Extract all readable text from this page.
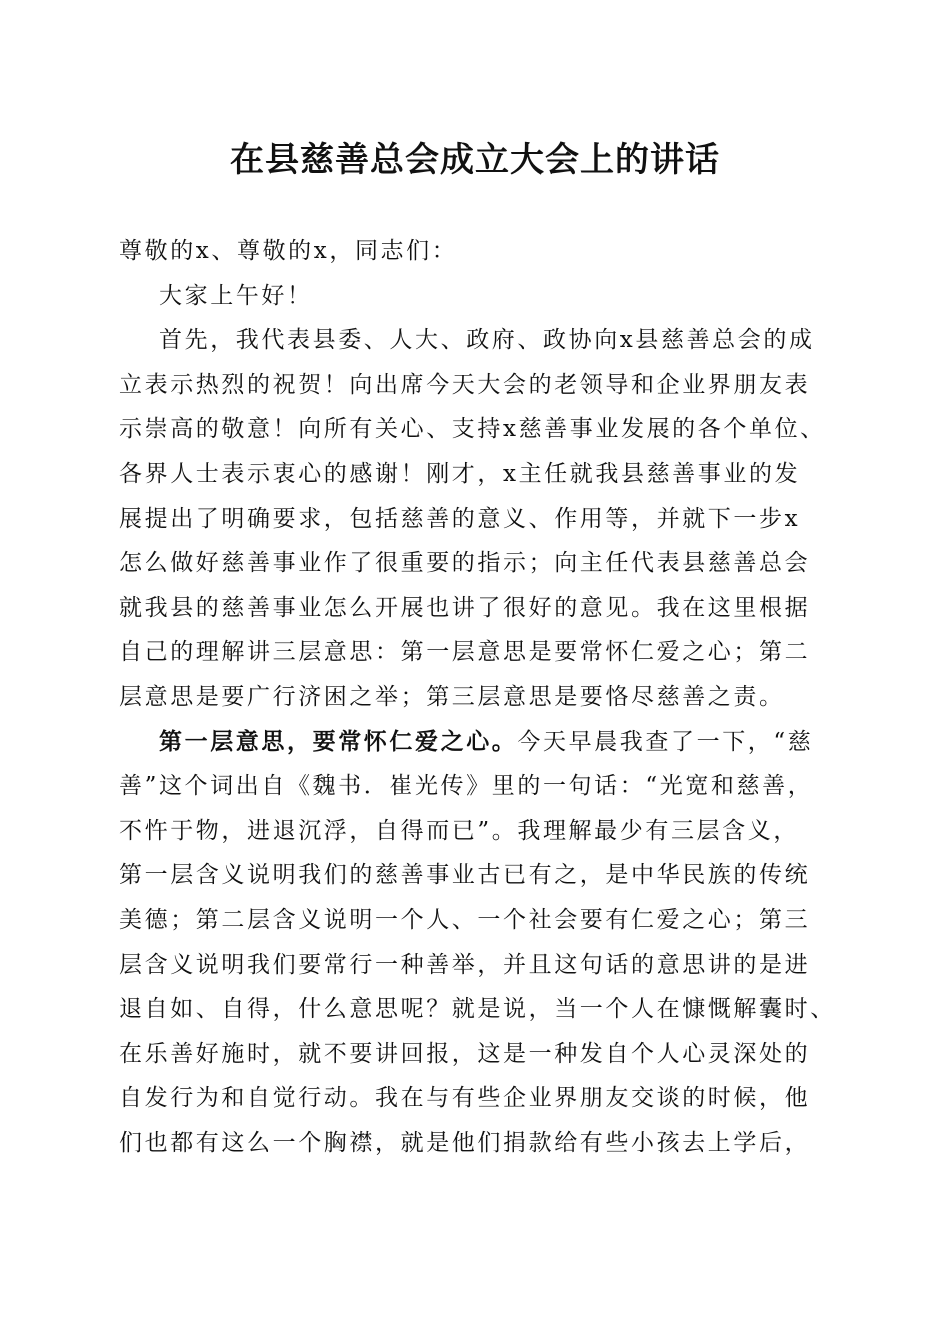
在县慈善总会成立大会上的讲话
尊敬的x、尊敬的x，同志们：
大家上午好！
首先，我代表县委、人大、政府、政协向x县慈善总会的成
立表示热烈的祝贺！向出席今天大会的老领导和企业界朋友表
示崇高的敬意！向所有关心、支持x慈善事业发展的各个单位、
各界人士表示衷心的感谢！刚才，x主任就我县慈善事业的发
展提出了明确要求，包括慈善的意义、作用等，并就下一步x
怎么做好慈善事业作了很重要的指示；向主任代表县慈善总会
就我县的慈善事业怎么开展也讲了很好的意见。我在这里根据
自己的理解讲三层意思：第一层意思是要常怀仁爱之心；第二
层意思是要广行济困之举；第三层意思是要恪尽慈善之责。
第一层意思，要常怀仁爱之心。今天早晨我查了一下，“慈
善”这个词出自《魏书．崔光传》里的一句话：“光宽和慈善，
不忤于物，进退沉浮，自得而已”。我理解最少有三层含义，
第一层含义说明我们的慈善事业古已有之，是中华民族的传统
美德；第二层含义说明一个人、一个社会要有仁爱之心；第三
层含义说明我们要常行一种善举，并且这句话的意思讲的是进
退自如、自得，什么意思呢？就是说，当一个人在慷慨解囊时、
在乐善好施时，就不要讲回报，这是一种发自个人心灵深处的
自发行为和自觉行动。我在与有些企业界朋友交谈的时候，他
们也都有这么一个胸襟，就是他们捐款给有些小孩去上学后，
